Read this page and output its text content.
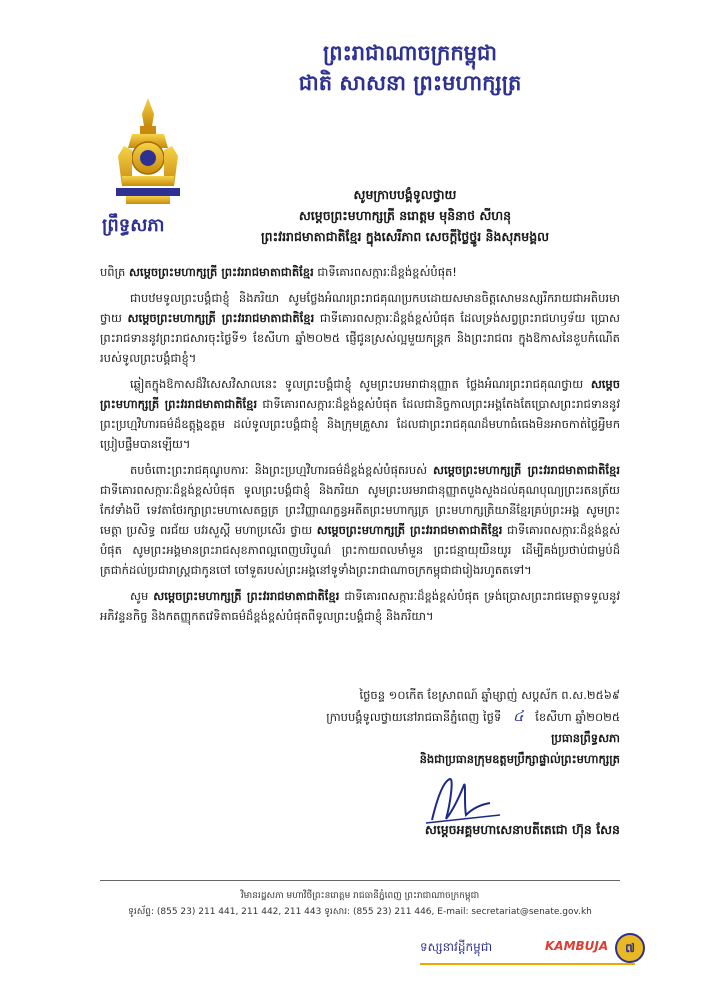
ព្រះរាជាណាចក្រកម្ពុជា
ជាតិ សាសនា ព្រះមហាក្សត្រ
ព្រឹទ្ធសភា
សូមក្រាបបង្គំទូលថ្វាយ
សម្តេចព្រះមហាក្សត្រី នរោត្តម មុនិនាថ សីហនុ
ព្រះវររាជមាតាជាតិខ្មែរ ក្នុងសេរីភាព សេចក្តីថ្លៃថ្នូរ និងសុភមង្គល

បពិត្រ សម្តេចព្រះមហាក្សត្រី ព្រះវររាជមាតាជាតិខ្មែរ ជាទីគោរពសក្ការៈដ៏ខ្ពង់ខ្ពស់បំផុត!

ជាបឋមទូលព្រះបង្គំជាខ្ញុំ និងភរិយា សូមថ្លែងអំណរព្រះរាជគុណប្រកបដោយសមានចិត្តសោមនស្សរីករាយជាអតិបរមា ថ្វាយ សម្តេចព្រះមហាក្សត្រី ព្រះវររាជមាតាជាតិខ្មែរ ជាទីគោរពសក្ការៈដ៏ខ្ពង់ខ្ពស់បំផុត ដែលទ្រង់សព្វព្រះរាជហឫទ័យ ប្រោសព្រះរាជទាននូវព្រះរាជសារចុះថ្ងៃទី១ ខែសីហា ឆ្នាំ២០២៥ ផ្ញើជូនស្រស់ល្អមួយកន្ត្រក និងព្រះរាជពរ ក្នុងឱកាសនៃខួបកំណើតរបស់ទូលព្រះបង្គំជាខ្ញុំ។

ឆ្លៀតក្នុងឱកាសដ៏វិសេសវិសាលនេះ ទូលព្រះបង្គំជាខ្ញុំ សូមព្រះបរមរាជានុញ្ញាត ថ្លែងអំណរព្រះរាជគុណថ្វាយ សម្តេចព្រះមហាក្សត្រី ព្រះវររាជមាតាជាតិខ្មែរ ជាទីគោរពសក្ការៈដ៏ខ្ពង់ខ្ពស់បំផុត ដែលជានិច្ចកាលព្រះអង្គតែងតែប្រោសព្រះរាជទាននូវព្រះប្រហ្មវិហារធម៌ដ៏ឧត្តុង្គឧត្តម ដល់ទូលព្រះបង្គំជាខ្ញុំ និងក្រុមគ្រួសារ ដែលជាព្រះរាជគុណដ៏មហាធំធេងមិនអាចកាត់ថ្លៃអ្វីមកប្រៀបផ្ទឹមបានឡើយ។

តបចំពោះព្រះរាជគុណូបការៈ និងព្រះប្រហ្មវិហារធម៌ដ៏ខ្ពង់ខ្ពស់បំផុតរបស់ សម្តេចព្រះមហាក្សត្រី ព្រះវររាជមាតាជាតិខ្មែរ ជាទីគោរពសក្ការៈដ៏ខ្ពង់ខ្ពស់បំផុត ទូលព្រះបង្គំជាខ្ញុំ និងភរិយា សូមព្រះបរមរាជានុញ្ញាតបួងសួងដល់គុណបុណ្យព្រះរតនត្រ័យ កែវទាំងបី ទេវតាថែរក្សាព្រះមហាសេតច្ឆត្រ ព្រះវិញ្ញាណក្ខន្ធអតីតព្រះមហាក្សត្រ ព្រះមហាក្សត្រិយានីខ្មែរគ្រប់ព្រះអង្គ សូមព្រះមេត្តា ប្រសិទ្ធ ពរជ័យ បវរសួស្តី មហាប្រសើរ ថ្វាយ សម្តេចព្រះមហាក្សត្រី ព្រះវររាជមាតាជាតិខ្មែរ ជាទីគោរពសក្ការៈដ៏ខ្ពង់ខ្ពស់បំផុត សូមព្រះអង្គមានព្រះរាជសុខភាពល្អពេញបរិបូណ៌ ព្រះកាយពលមាំមួន ព្រះជន្មាយុយឺនយូរ ដើម្បីគង់ប្រថាប់ជាម្លប់ដ៏ត្រជាក់ដល់ប្រជារាស្ត្រជាកូនចៅ ចៅទួតរបស់ព្រះអង្គនៅទូទាំងព្រះរាជាណាចក្រកម្ពុជាជារៀងរហូតតទៅ។

សូម សម្តេចព្រះមហាក្សត្រី ព្រះវររាជមាតាជាតិខ្មែរ ជាទីគោរពសក្ការៈដ៏ខ្ពង់ខ្ពស់បំផុត ទ្រង់ប្រោសព្រះរាជមេត្តាទទួលនូវអភិវន្ទនកិច្ច និងកតញ្ញុកតវេទិតាធម៌ដ៏ខ្ពង់ខ្ពស់បំផុតពីទូលព្រះបង្គំជាខ្ញុំ និងភរិយា។

ថ្ងៃចន្ទ ១០កើត ខែស្រាពណ៍ ឆ្នាំម្សាញ់ សប្តស័ក ព.ស.២៥៦៩
ក្រាបបង្គំទូលថ្វាយនៅរាជធានីភ្នំពេញ ថ្ងៃទី ៤ ខែសីហា ឆ្នាំ២០២៥
ប្រធានព្រឹទ្ធសភា
និងជាប្រធានក្រុមឧត្តមប្រឹក្សាផ្ទាល់ព្រះមហាក្សត្រ
សម្តេចអគ្គមហាសេនាបតីតេជោ ហ៊ុន សែន
វិមានរដ្ឋសភា មហាវិថីព្រះនរោត្តម រាជធានីភ្នំពេញ ព្រះរាជាណាចក្រកម្ពុជា
ទូរស័ព្ទ: (855 23) 211 441, 211 442, 211 443 ទូរសារ: (855 23) 211 446, E-mail: secretariat@senate.gov.kh
ទស្សនាវដ្តីកម្ពុជា	KAMBUJA	៧
